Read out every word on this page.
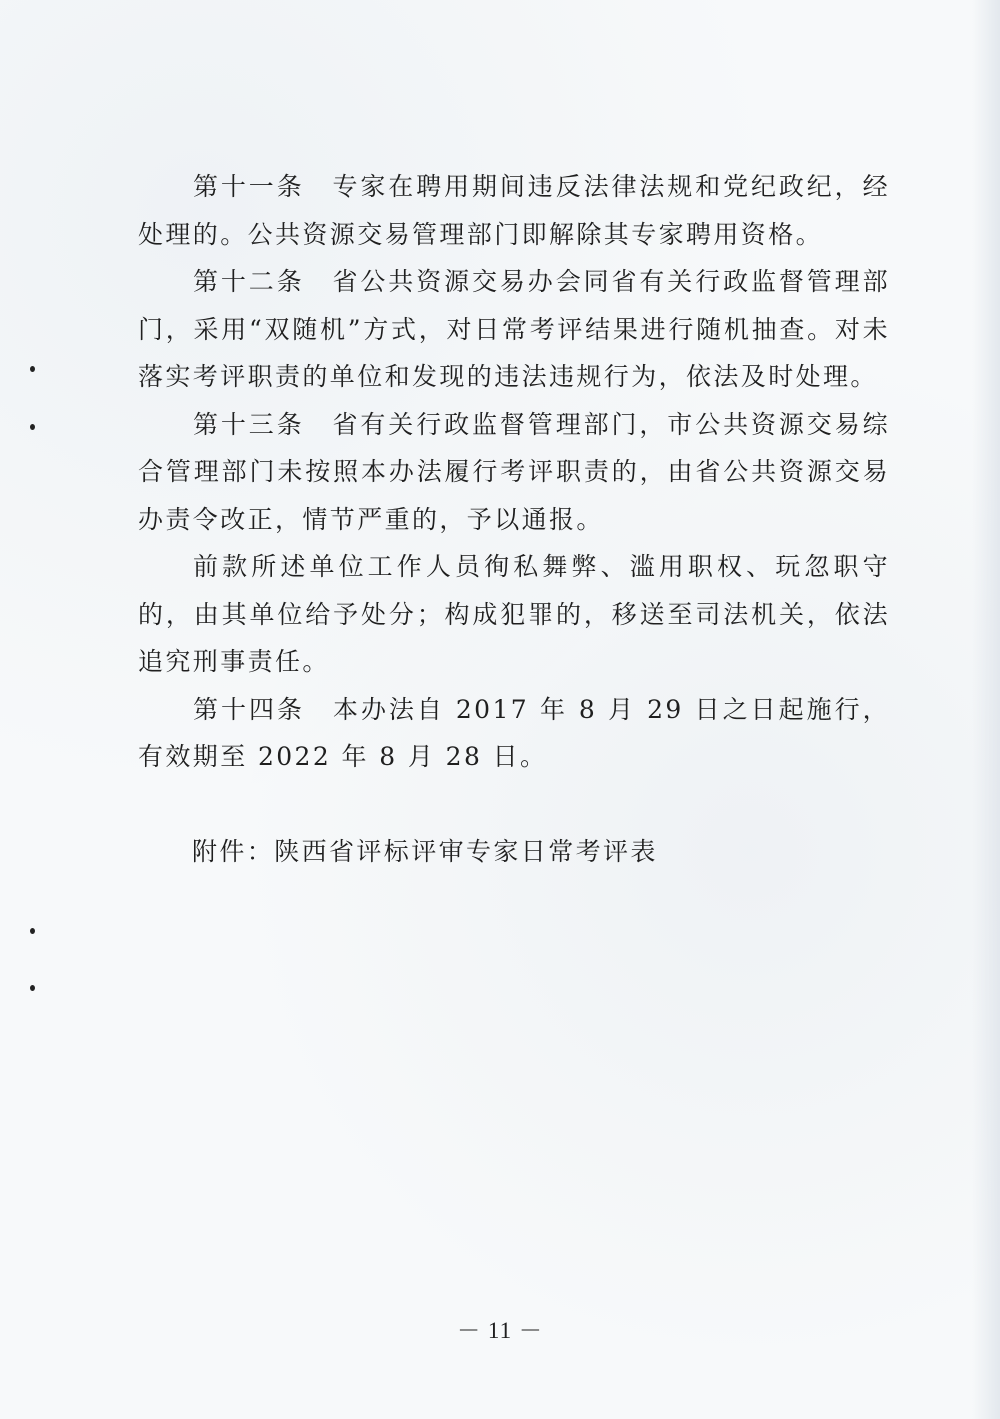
第十一条　专家在聘用期间违反法律法规和党纪政纪，经处理的。公共资源交易管理部门即解除其专家聘用资格。

第十二条　省公共资源交易办会同省有关行政监督管理部门，采用“双随机”方式，对日常考评结果进行随机抽查。对未落实考评职责的单位和发现的违法违规行为，依法及时处理。

第十三条　省有关行政监督管理部门，市公共资源交易综合管理部门未按照本办法履行考评职责的，由省公共资源交易办责令改正，情节严重的，予以通报。

前款所述单位工作人员徇私舞弊、滥用职权、玩忽职守的，由其单位给予处分；构成犯罪的，移送至司法机关，依法追究刑事责任。

第十四条　本办法自 2017 年 8 月 29 日之日起施行，有效期至 2022 年 8 月 28 日。

附件：陕西省评标评审专家日常考评表
－ 11 －
